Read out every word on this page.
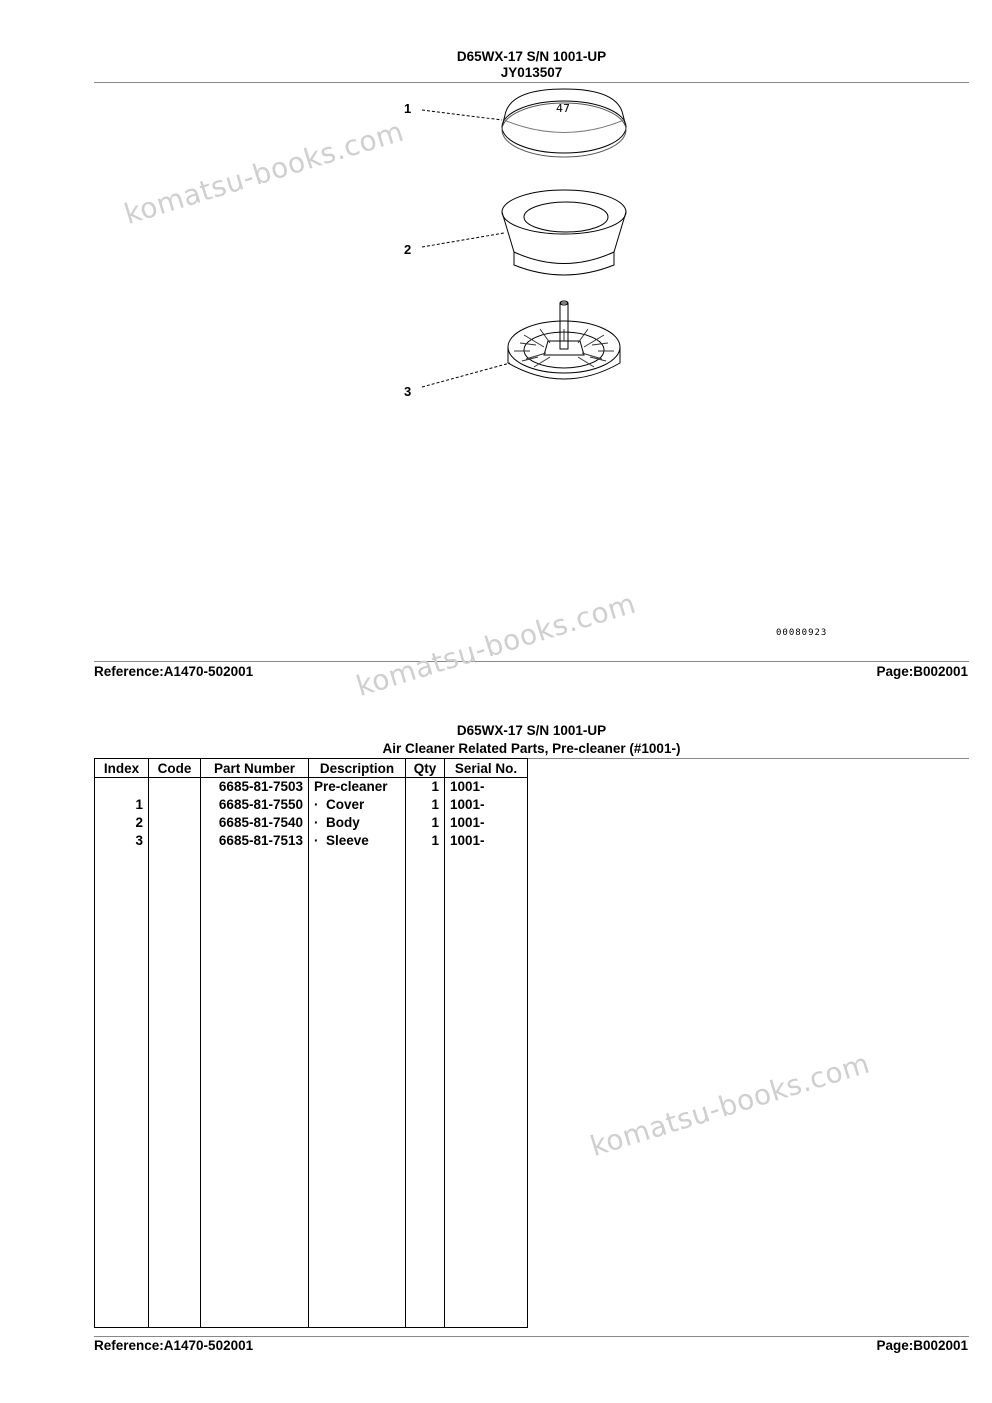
D65WX-17 S/N 1001-UP
JY013507
47
1
2
3
00080923
Reference:A1470-502001	Page:B002001
D65WX-17 S/N 1001-UP
Air Cleaner Related Parts, Pre-cleaner (#1001-)
Index	Code	Part Number	Description	Qty	Serial No.
		6685-81-7503	Pre-cleaner	1	1001-
1		6685-81-7550	·  Cover	1	1001-
2		6685-81-7540	·  Body	1	1001-
3		6685-81-7513	·  Sleeve	1	1001-

Reference:A1470-502001	Page:B002001
komatsu-books.com
komatsu-books.com
komatsu-books.com
